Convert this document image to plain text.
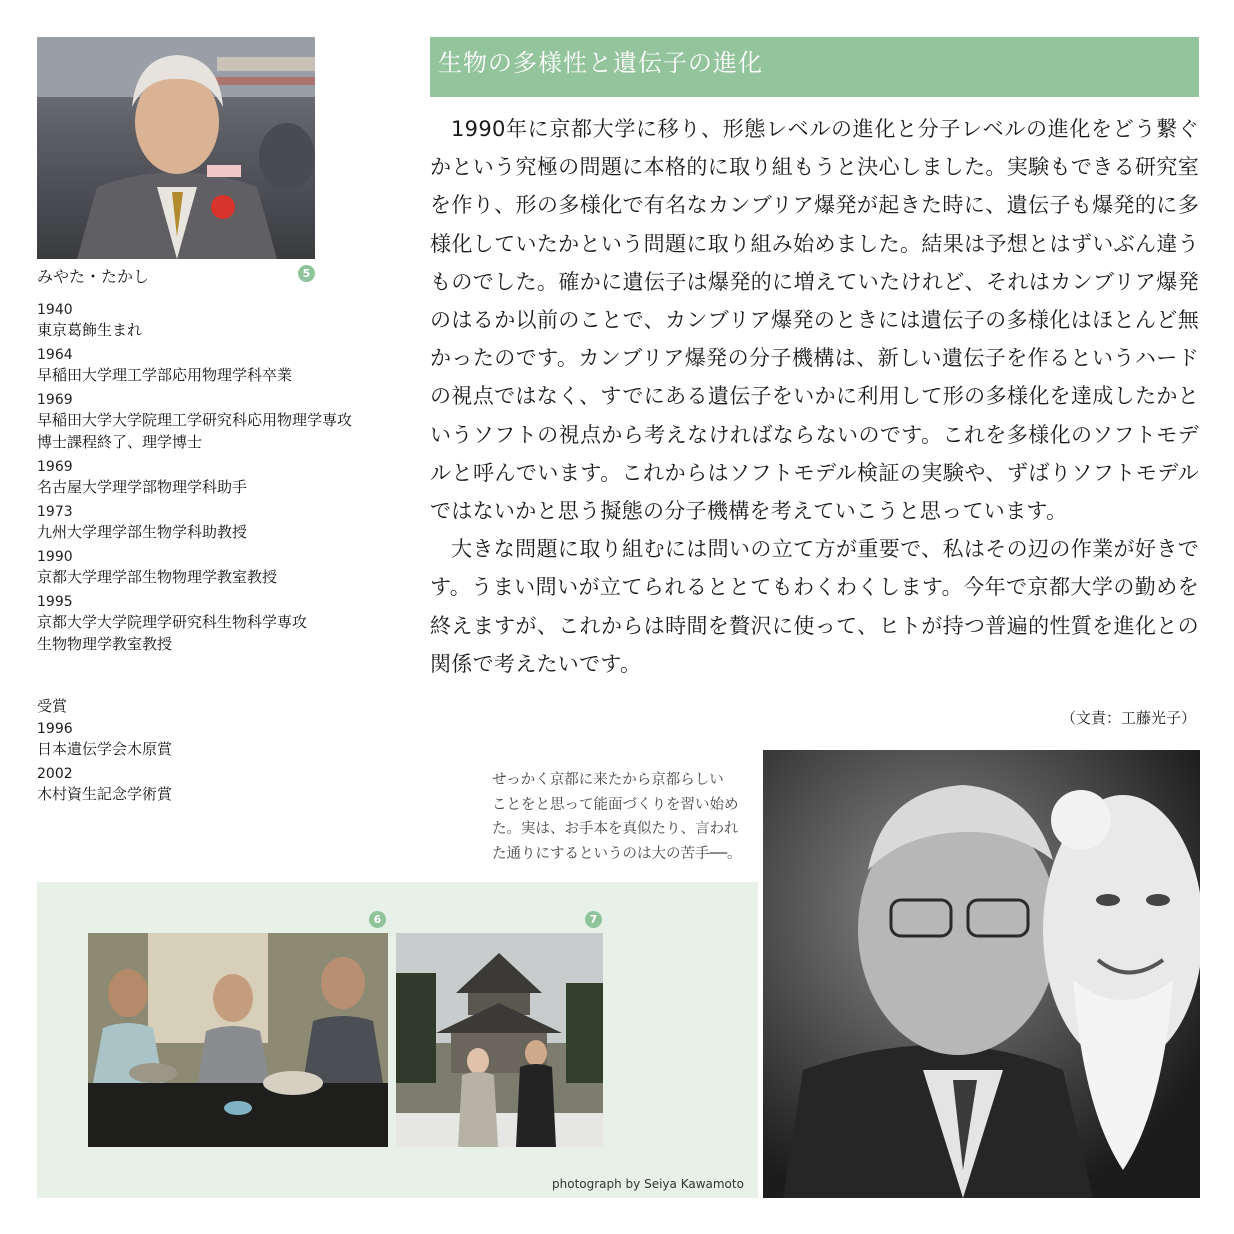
みやた・たかし	5
1940
東京葛飾生まれ
1964
早稲田大学理工学部応用物理学科卒業
1969
早稲田大学大学院理工学研究科応用物理学専攻
博士課程終了、理学博士
1969
名古屋大学理学部物理学科助手
1973
九州大学理学部生物学科助教授
1990
京都大学理学部生物物理学教室教授
1995
京都大学大学院理学研究科生物科学専攻
生物物理学教室教授
受賞
1996
日本遺伝学会木原賞
2002
木村資生記念学術賞
生物の多様性と遺伝子の進化

1990年に京都大学に移り、形態レベルの進化と分子レベルの進化をどう繋ぐかという究極の問題に本格的に取り組もうと決心しました。実験もできる研究室を作り、形の多様化で有名なカンブリア爆発が起きた時に、遺伝子も爆発的に多様化していたかという問題に取り組み始めました。結果は予想とはずいぶん違うものでした。確かに遺伝子は爆発的に増えていたけれど、それはカンブリア爆発のはるか以前のことで、カンブリア爆発のときには遺伝子の多様化はほとんど無かったのです。カンブリア爆発の分子機構は、新しい遺伝子を作るというハードの視点ではなく、すでにある遺伝子をいかに利用して形の多様化を達成したかというソフトの視点から考えなければならないのです。これを多様化のソフトモデルと呼んでいます。これからはソフトモデル検証の実験や、ずばりソフトモデルではないかと思う擬態の分子機構を考えていこうと思っています。

大きな問題に取り組むには問いの立て方が重要で、私はその辺の作業が好きです。うまい問いが立てられるととてもわくわくします。今年で京都大学の勤めを終えますが、これからは時間を贅沢に使って、ヒトが持つ普遍的性質を進化との関係で考えたいです。

（文責：工藤光子）
せっかく京都に来たから京都らしい
ことをと思って能面づくりを習い始め
た。実は、お手本を真似たり、言われ
た通りにするというのは大の苦手──。
6	7
photograph by Seiya Kawamoto
